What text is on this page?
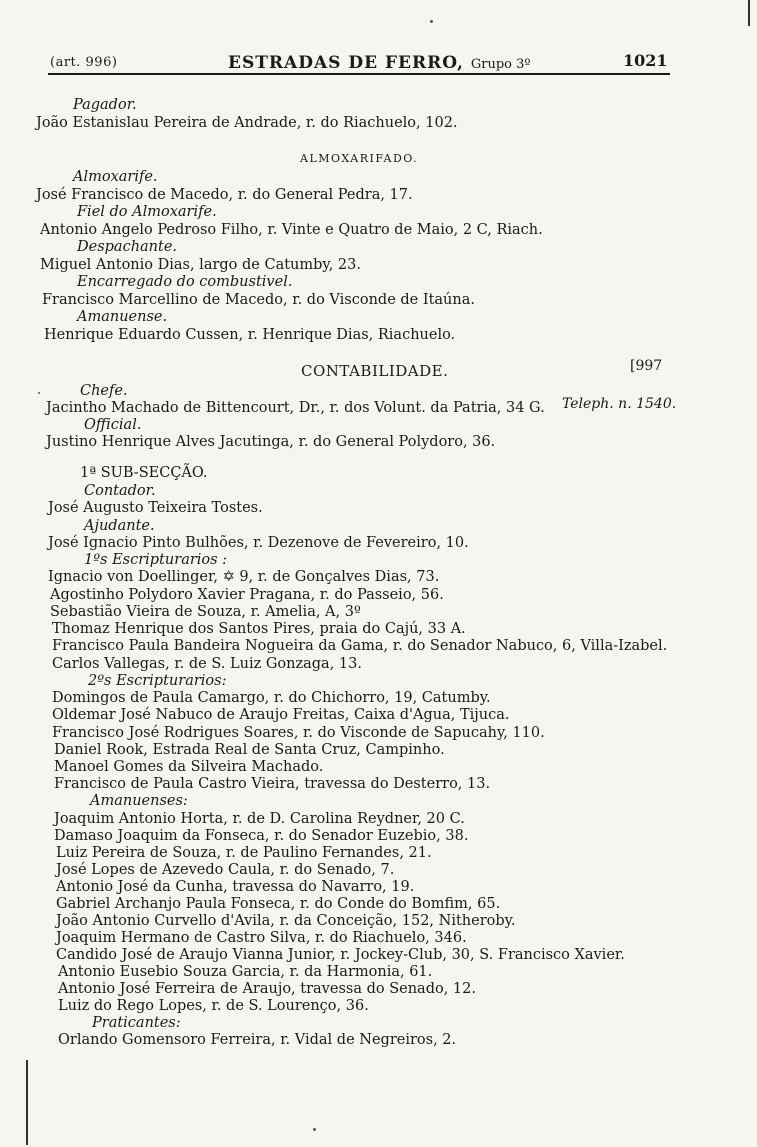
(art. 996)	ESTRADAS DE FERRO, Grupo 3º	1021
Pagador.
João Estanislau Pereira de Andrade, r. do Riachuelo, 102.
ALMOXARIFADO.
Almoxarife.
José Francisco de Macedo, r. do General Pedra, 17.
Fiel do Almoxarife.
Antonio Angelo Pedroso Filho, r. Vinte e Quatro de Maio, 2 C, Riach.
Despachante.
Miguel Antonio Dias, largo de Catumby, 23.
Encarregado do combustivel.
Francisco Marcellino de Macedo, r. do Visconde de Itaúna.
Amanuense.
Henrique Eduardo Cussen, r. Henrique Dias, Riachuelo.
CONTABILIDADE.
Chefe.
Jacintho Machado de Bittencourt, Dr., r. dos Volunt. da Patria, 34 G.
Official.
Justino Henrique Alves Jacutinga, r. do General Polydoro, 36.
1ª SUB-SECÇÃO.
Contador.
José Augusto Teixeira Tostes.
Ajudante.
José Ignacio Pinto Bulhões, r. Dezenove de Fevereiro, 10.
1ºs Escripturarios :
Ignacio von Doellinger, ✡ 9, r. de Gonçalves Dias, 73.
Agostinho Polydoro Xavier Pragana, r. do Passeio, 56.
Sebastião Vieira de Souza, r. Amelia, A, 3º
Thomaz Henrique dos Santos Pires, praia do Cajú, 33 A.
Francisco Paula Bandeira Nogueira da Gama, r. do Senador Nabuco, 6, Villa-Izabel.
Carlos Vallegas, r. de S. Luiz Gonzaga, 13.
2ºs Escripturarios:
Domingos de Paula Camargo, r. do Chichorro, 19, Catumby.
Oldemar José Nabuco de Araujo Freitas, Caixa d'Agua, Tijuca.
Francisco José Rodrigues Soares, r. do Visconde de Sapucahy, 110.
Daniel Rook, Estrada Real de Santa Cruz, Campinho.
Manoel Gomes da Silveira Machado.
Francisco de Paula Castro Vieira, travessa do Desterro, 13.
Amanuenses:
Joaquim Antonio Horta, r. de D. Carolina Reydner, 20 C.
Damaso Joaquim da Fonseca, r. do Senador Euzebio, 38.
Luiz Pereira de Souza, r. de Paulino Fernandes, 21.
José Lopes de Azevedo Caula, r. do Senado, 7.
Antonio José da Cunha, travessa do Navarro, 19.
Gabriel Archanjo Paula Fonseca, r. do Conde do Bomfim, 65.
João Antonio Curvello d'Avila, r. da Conceição, 152, Nitheroby.
Joaquim Hermano de Castro Silva, r. do Riachuelo, 346.
Candido José de Araujo Vianna Junior, r. Jockey-Club, 30, S. Francisco Xavier.
Antonio Eusebio Souza Garcia, r. da Harmonia, 61.
Antonio José Ferreira de Araujo, travessa do Senado, 12.
Luiz do Rego Lopes, r. de S. Lourenço, 36.
Praticantes:
Orlando Gomensoro Ferreira, r. Vidal de Negreiros, 2.
[997
Teleph. n. 1540.
